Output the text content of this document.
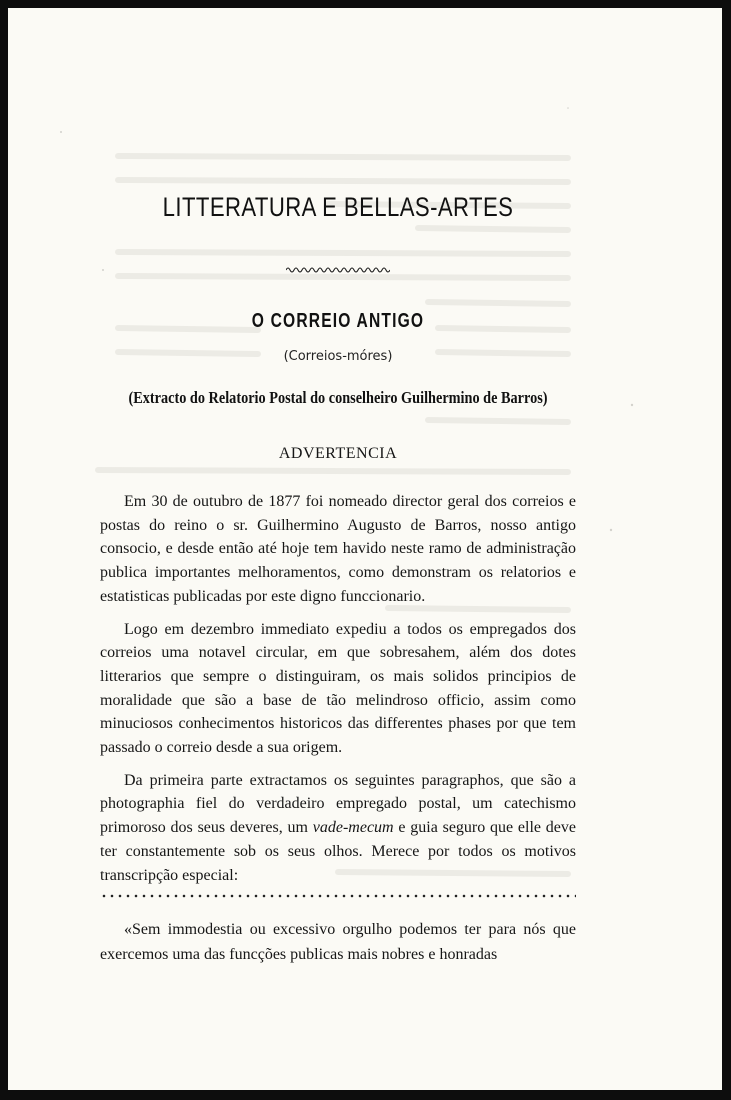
LITTERATURA E BELLAS-ARTES
O CORREIO ANTIGO
(Correios-móres)
(Extracto do Relatorio Postal do conselheiro Guilhermino de Barros)
ADVERTENCIA

Em 30 de outubro de 1877 foi nomeado director geral dos correios e postas do reino o sr. Guilhermino Augusto de Barros, nosso antigo consocio, e desde então até hoje tem havido neste ramo de administração publica importantes melhoramentos, como demonstram os relatorios e estatisticas publicadas por este digno funccionario.

Logo em dezembro immediato expediu a todos os empregados dos correios uma notavel circular, em que sobresahem, além dos dotes litterarios que sempre o distinguiram, os mais solidos principios de moralidade que são a base de tão melindroso officio, assim como minuciosos conhecimentos historicos das differentes phases por que tem passado o correio desde a sua origem.

Da primeira parte extractamos os seguintes paragraphos, que são a photographia fiel do verdadeiro empregado postal, um catechismo primoroso dos seus deveres, um vade-mecum e guia seguro que elle deve ter constantemente sob os seus olhos. Merece por todos os motivos transcripção especial:

«Sem immodestia ou excessivo orgulho podemos ter para nós que exercemos uma das funcções publicas mais nobres e honradas
